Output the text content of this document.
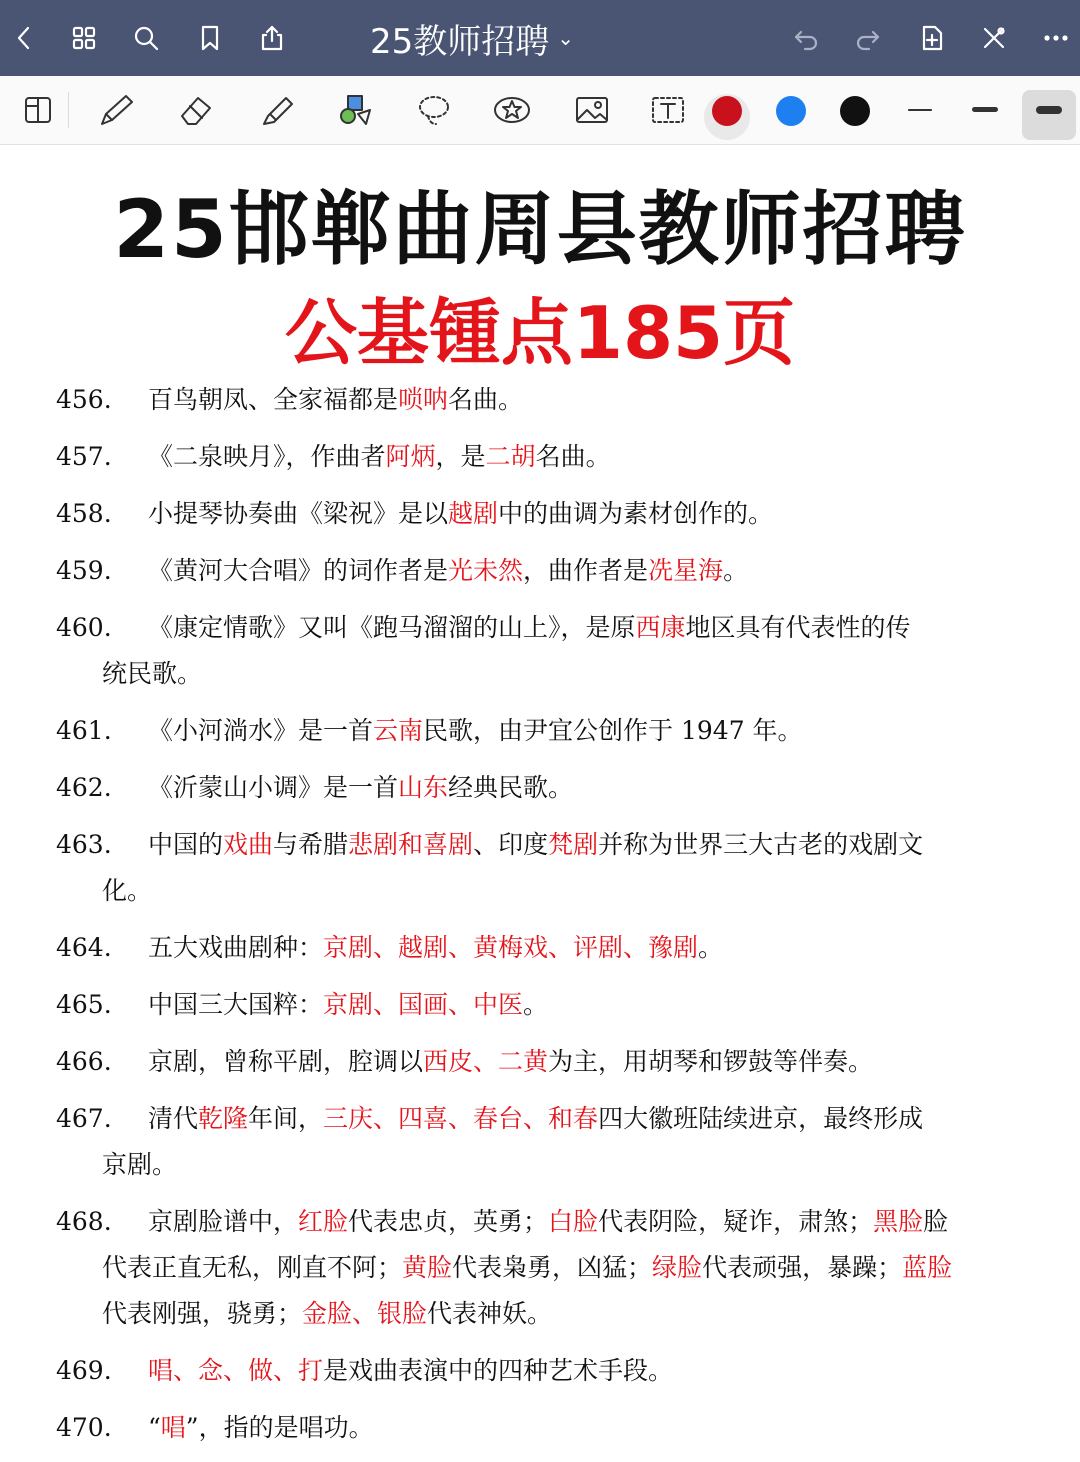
25教师招聘 ⌄
25邯郸曲周县教师招聘
公基锺点185页
456.	百鸟朝凤、全家福都是唢呐名曲。
457.	《二泉映月》，作曲者阿炳，是二胡名曲。
458.	小提琴协奏曲《梁祝》是以越剧中的曲调为素材创作的。
459.	《黄河大合唱》的词作者是光未然，曲作者是冼星海。
460.	《康定情歌》又叫《跑马溜溜的山上》，是原西康地区具有代表性的传
统民歌。
461.	《小河淌水》是一首云南民歌，由尹宜公创作于 1947 年。
462.	《沂蒙山小调》是一首山东经典民歌。
463.	中国的戏曲与希腊悲剧和喜剧、印度梵剧并称为世界三大古老的戏剧文
化。
464.	五大戏曲剧种：京剧、越剧、黄梅戏、评剧、豫剧。
465.	中国三大国粹：京剧、国画、中医。
466.	京剧，曾称平剧，腔调以西皮、二黄为主，用胡琴和锣鼓等伴奏。
467.	清代乾隆年间，三庆、四喜、春台、和春四大徽班陆续进京，最终形成
京剧。
468.	京剧脸谱中，红脸代表忠贞，英勇；白脸代表阴险，疑诈，肃煞；黑脸脸
代表正直无私，刚直不阿；黄脸代表枭勇，凶猛；绿脸代表顽强，暴躁；蓝脸
代表刚强，骁勇；金脸、银脸代表神妖。
469.	唱、念、做、打是戏曲表演中的四种艺术手段。
470.	“唱”，指的是唱功。
